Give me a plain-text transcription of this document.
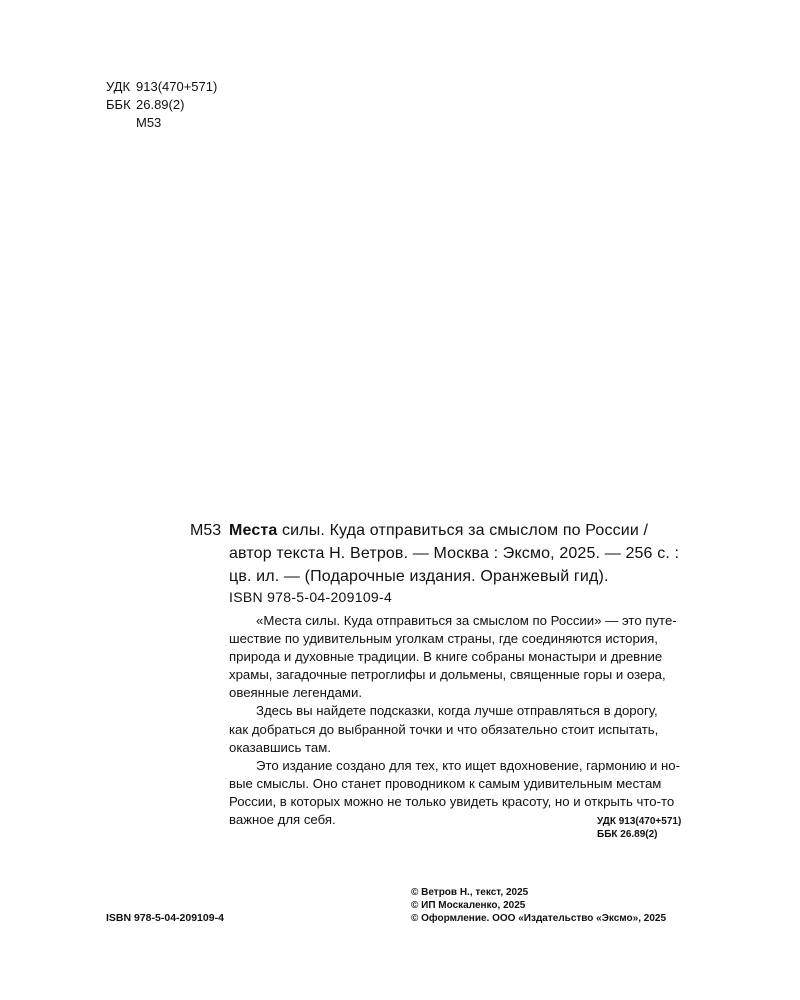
УДК 913(470+571)
ББК 26.89(2)
М53
М53 Места силы. Куда отправиться за смыслом по России /
автор текста Н. Ветров. — Москва : Эксмо, 2025. — 256 с. :
цв. ил. — (Подарочные издания. Оранжевый гид).
ISBN 978-5-04-209109-4
«Места силы. Куда отправиться за смыслом по России» — это путе-
шествие по удивительным уголкам страны, где соединяются история,
природа и духовные традиции. В книге собраны монастыри и древние
храмы, загадочные петроглифы и дольмены, священные горы и озера,
овеянные легендами.
Здесь вы найдете подсказки, когда лучше отправляться в дорогу,
как добраться до выбранной точки и что обязательно стоит испытать,
оказавшись там.
Это издание создано для тех, кто ищет вдохновение, гармонию и но-
вые смыслы. Оно станет проводником к самым удивительным местам
России, в которых можно не только увидеть красоту, но и открыть что-то
важное для себя.	УДК 913(470+571)
ББК 26.89(2)
© Ветров Н., текст, 2025
© ИП Москаленко, 2025
© Оформление. ООО «Издательство «Эксмо», 2025
ISBN 978-5-04-209109-4
